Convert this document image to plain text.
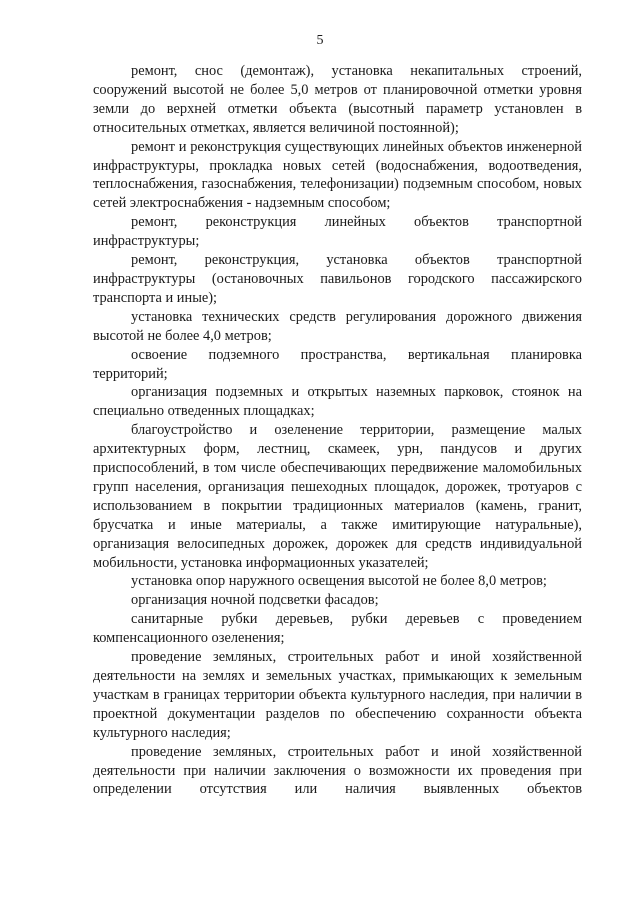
5

ремонт, снос (демонтаж), установка некапитальных строений, сооружений высотой не более 5,0 метров от планировочной отметки уровня земли до верхней отметки объекта (высотный параметр установлен в относительных отметках, является величиной постоянной);

ремонт и реконструкция существующих линейных объектов инженерной инфраструктуры, прокладка новых сетей (водоснабжения, водоотведения, теплоснабжения, газоснабжения, телефонизации) подземным способом, новых сетей электроснабжения - надземным способом;

ремонт, реконструкция линейных объектов транспортной инфраструктуры;

ремонт, реконструкция, установка объектов транспортной инфраструктуры (остановочных павильонов городского пассажирского транспорта и иные);

установка технических средств регулирования дорожного движения высотой не более 4,0 метров;

освоение подземного пространства, вертикальная планировка территорий;

организация подземных и открытых наземных парковок, стоянок на специально отведенных площадках;

благоустройство и озеленение территории, размещение малых архитектурных форм, лестниц, скамеек, урн, пандусов и других приспособлений, в том числе обеспечивающих передвижение маломобильных групп населения, организация пешеходных площадок, дорожек, тротуаров с использованием в покрытии традиционных материалов (камень, гранит, брусчатка и иные материалы, а также имитирующие натуральные), организация велосипедных дорожек, дорожек для средств индивидуальной мобильности, установка информационных указателей;

установка опор наружного освещения высотой не более 8,0 метров;

организация ночной подсветки фасадов;

санитарные рубки деревьев, рубки деревьев с проведением компенсационного озеленения;

проведение земляных, строительных работ и иной хозяйственной деятельности на землях и земельных участках, примыкающих к земельным участкам в границах территории объекта культурного наследия, при наличии в проектной документации разделов по обеспечению сохранности объекта культурного наследия;

проведение земляных, строительных работ и иной хозяйственной деятельности при наличии заключения о возможности их проведения при определении отсутствия или наличия выявленных объектов
